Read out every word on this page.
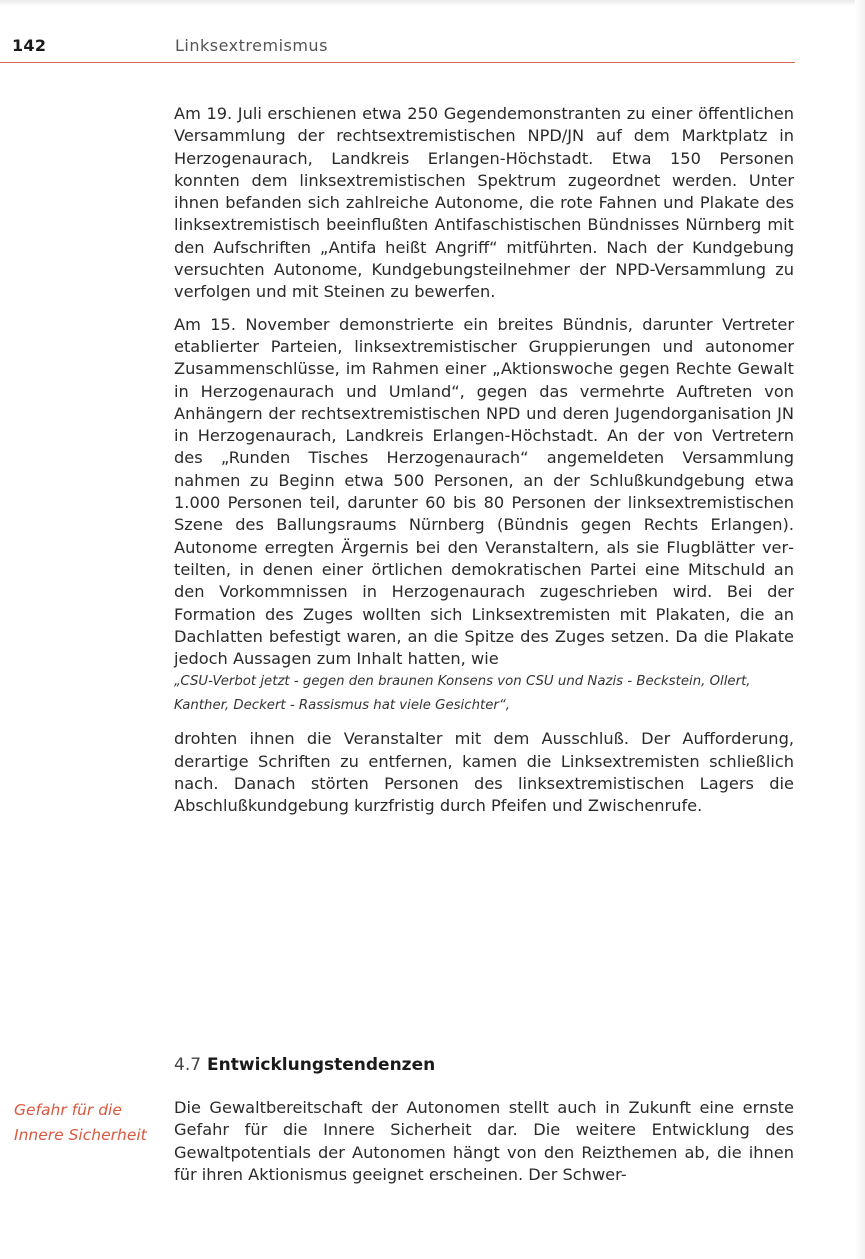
142	Linksextremismus

Am 19. Juli erschienen etwa 250 Gegendemonstranten zu einer öffentlichen Versammlung der rechtsextremistischen NPD/JN auf dem Marktplatz in Herzogenaurach, Landkreis Erlangen-Höchstadt. Etwa 150 Personen konnten dem linksextremistischen Spektrum zugeordnet werden. Unter ihnen befanden sich zahlreiche Autonome, die rote Fahnen und Plakate des linksextremistisch beeinflußten Antifaschistischen Bündnisses Nürnberg mit den Aufschriften „Antifa heißt Angriff“ mitführten. Nach der Kundgebung versuchten Autonome, Kundgebungsteilnehmer der NPD-Versammlung zu verfolgen und mit Steinen zu bewerfen.

Am 15. November demonstrierte ein breites Bündnis, darunter Vertreter etablierter Parteien, linksextremistischer Gruppierungen und autonomer Zusammenschlüsse, im Rahmen einer „Aktionswoche gegen Rechte Gewalt in Herzogenaurach und Umland“, gegen das vermehrte Auftreten von Anhängern der rechtsextremistischen NPD und deren Jugendorganisation JN in Herzogenaurach, Landkreis Erlangen-Höchstadt. An der von Vertretern des „Runden Tisches Herzogenaurach“ angemeldeten Versammlung nahmen zu Beginn etwa 500 Personen, an der Schlußkundgebung etwa 1.000 Personen teil, darunter 60 bis 80 Personen der linksextremistischen Szene des Ballungsraums Nürnberg (Bündnis gegen Rechts Erlangen). Autonome erregten Ärgernis bei den Veranstaltern, als sie Flugblätter verteilten, in denen einer örtlichen demokratischen Partei eine Mitschuld an den Vorkommnissen in Herzogenaurach zugeschrieben wird. Bei der Formation des Zuges wollten sich Linksextremisten mit Plakaten, die an Dachlatten befestigt waren, an die Spitze des Zuges setzen. Da die Plakate jedoch Aussagen zum Inhalt hatten, wie

„CSU-Verbot jetzt - gegen den braunen Konsens von CSU und Nazis - Beckstein, Ollert, Kanther, Deckert - Rassismus hat viele Gesichter“,

drohten ihnen die Veranstalter mit dem Ausschluß. Der Aufforderung, derartige Schriften zu entfernen, kamen die Linksextremisten schließlich nach. Danach störten Personen des linksextremistischen Lagers die Abschlußkundgebung kurzfristig durch Pfeifen und Zwischenrufe.

4.7 Entwicklungstendenzen

Gefahr für die Innere Sicherheit

Die Gewaltbereitschaft der Autonomen stellt auch in Zukunft eine ernste Gefahr für die Innere Sicherheit dar. Die weitere Entwicklung des Gewaltpotentials der Autonomen hängt von den Reizthemen ab, die ihnen für ihren Aktionismus geeignet erscheinen. Der Schwer-
